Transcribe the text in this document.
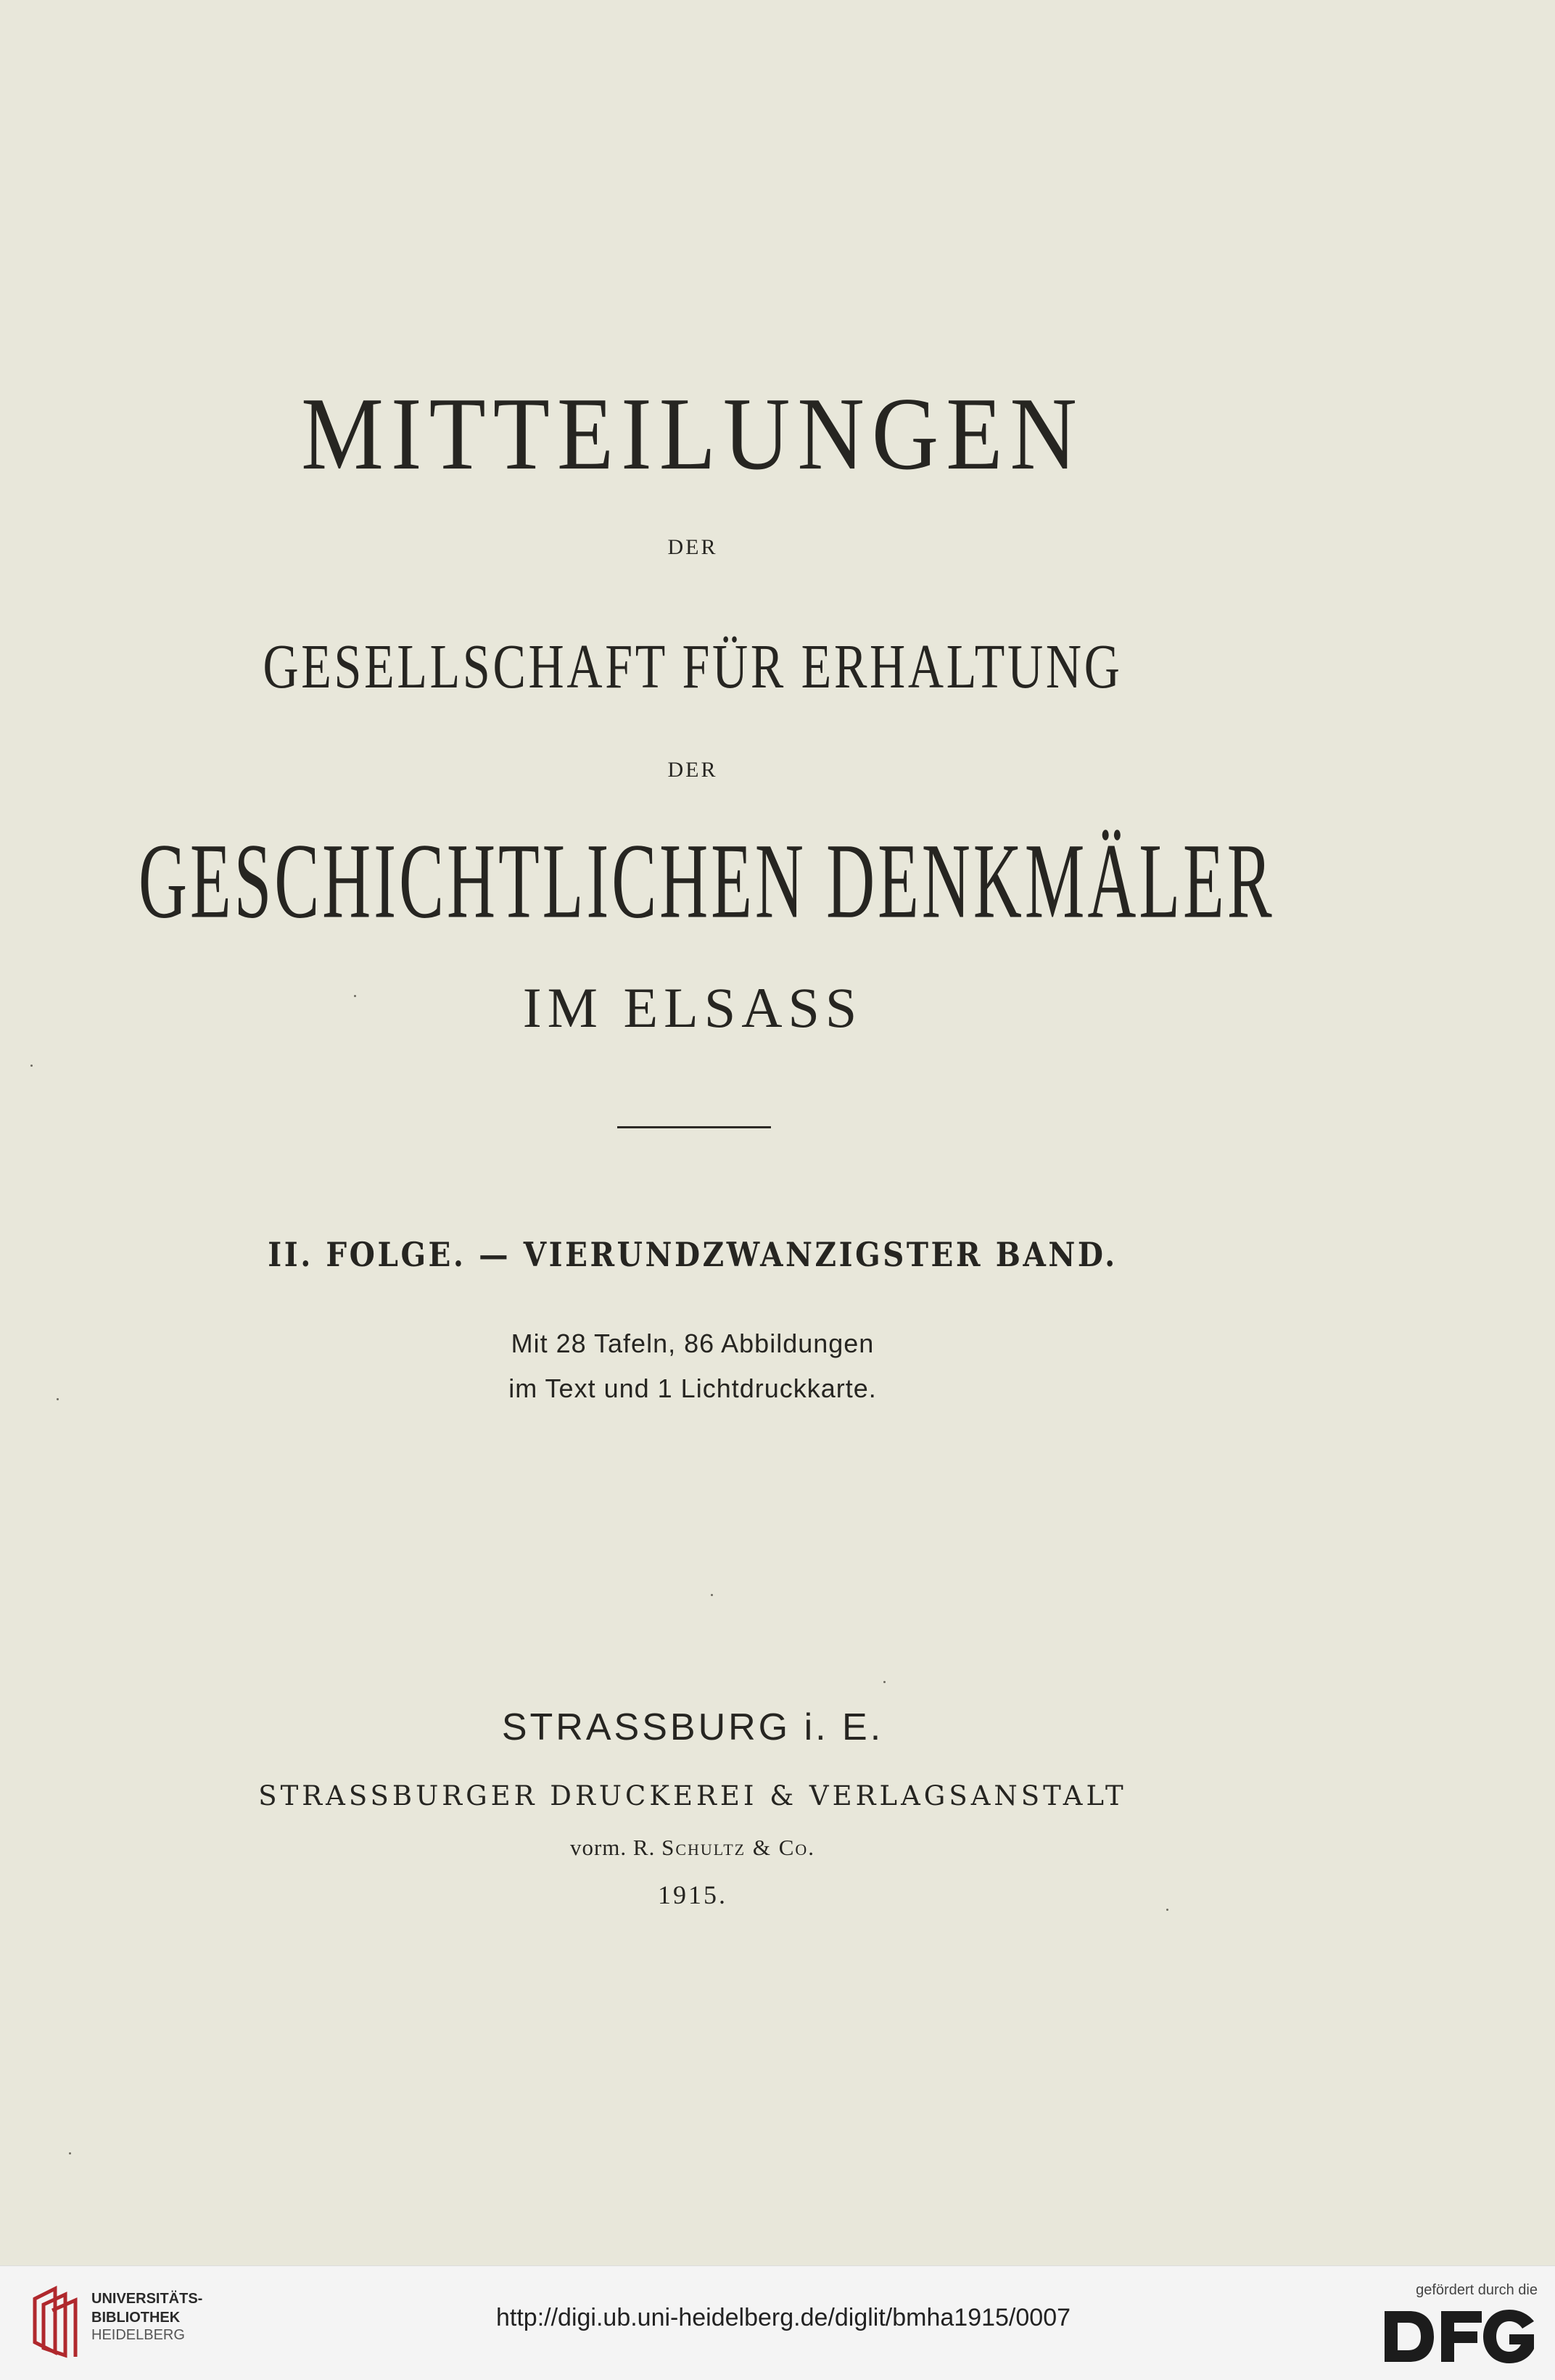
MITTEILUNGEN
DER
GESELLSCHAFT FÜR ERHALTUNG
DER
GESCHICHTLICHEN DENKMÄLER
IM ELSASS
II. FOLGE. — VIERUNDZWANZIGSTER BAND.
Mit 28 Tafeln, 86 Abbildungen
im Text und 1 Lichtdruckkarte.
STRASSBURG i. E.
STRASSBURGER DRUCKEREI & VERLAGSANSTALT
vorm. R. Schultz & Co.
1915.
UNIVERSITÄTS-
BIBLIOTHEK
HEIDELBERG
http://digi.ub.uni-heidelberg.de/diglit/bmha1915/0007
gefördert durch die
